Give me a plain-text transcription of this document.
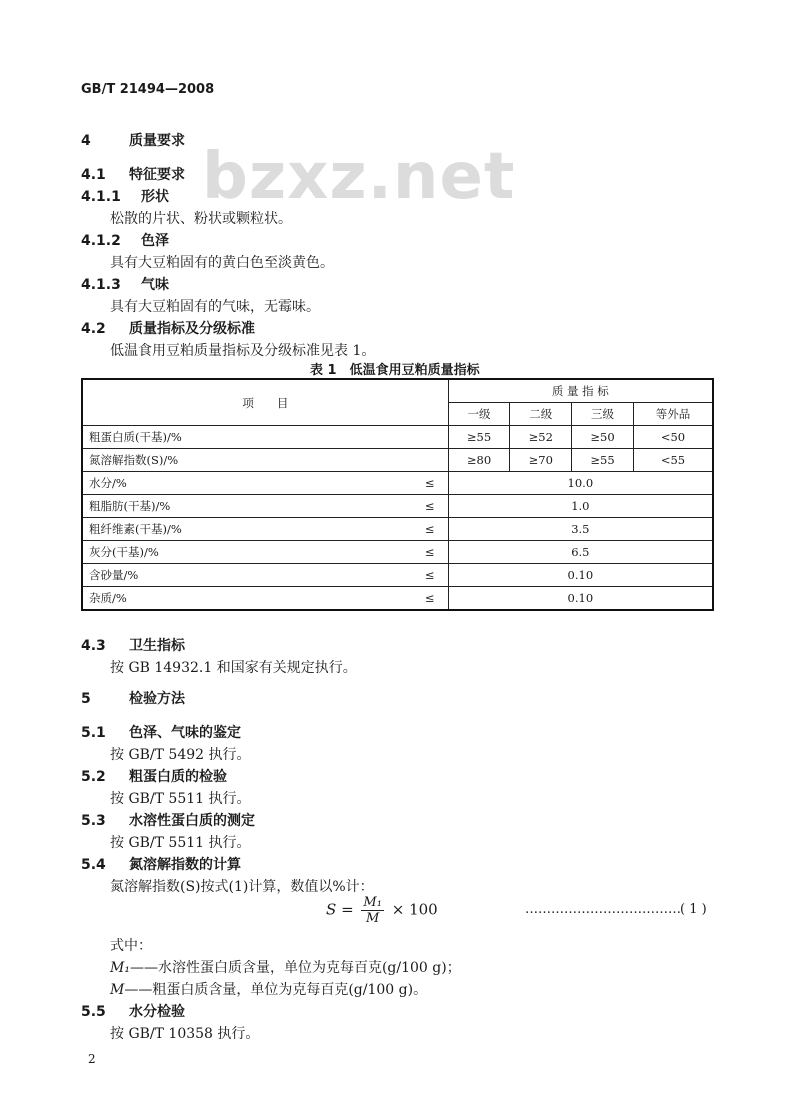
GB/T 21494—2008
bzxz.net
4	质量要求
4.1 特征要求
4.1.1 形状
松散的片状、粉状或颗粒状。
4.1.2 色泽
具有大豆粕固有的黄白色至淡黄色。
4.1.3 气味
具有大豆粕固有的气味，无霉味。
4.2 质量指标及分级标准
低温食用豆粕质量指标及分级标准见表 1。
表 1　低温食用豆粕质量指标
项　　目		质 量 指 标			
		一级	二级	三级	等外品
粗蛋白质(干基)/%		≥55	≥52	≥50	<50
氮溶解指数(S)/%		≥80	≥70	≥55	<55
水分/%	≤	10.0			
粗脂肪(干基)/%	≤	1.0			
粗纤维素(干基)/%	≤	3.5			
灰分(干基)/%	≤	6.5			
含砂量/%	≤	0.10			
杂质/%	≤	0.10			
4.3 卫生指标
按 GB 14932.1 和国家有关规定执行。
5	检验方法
5.1 色泽、气味的鉴定
按 GB/T 5492 执行。
5.2 粗蛋白质的检验
按 GB/T 5511 执行。
5.3 水溶性蛋白质的测定
按 GB/T 5511 执行。
5.4 氮溶解指数的计算
氮溶解指数(S)按式(1)计算，数值以%计：
$S = \frac{\text{M₁}}{M} \times 100$	……………………………… ( 1 )
式中：
M₁——水溶性蛋白质含量，单位为克每百克(g/100 g)；
M——粗蛋白质含量，单位为克每百克(g/100 g)。
5.5 水分检验
按 GB/T 10358 执行。
2
